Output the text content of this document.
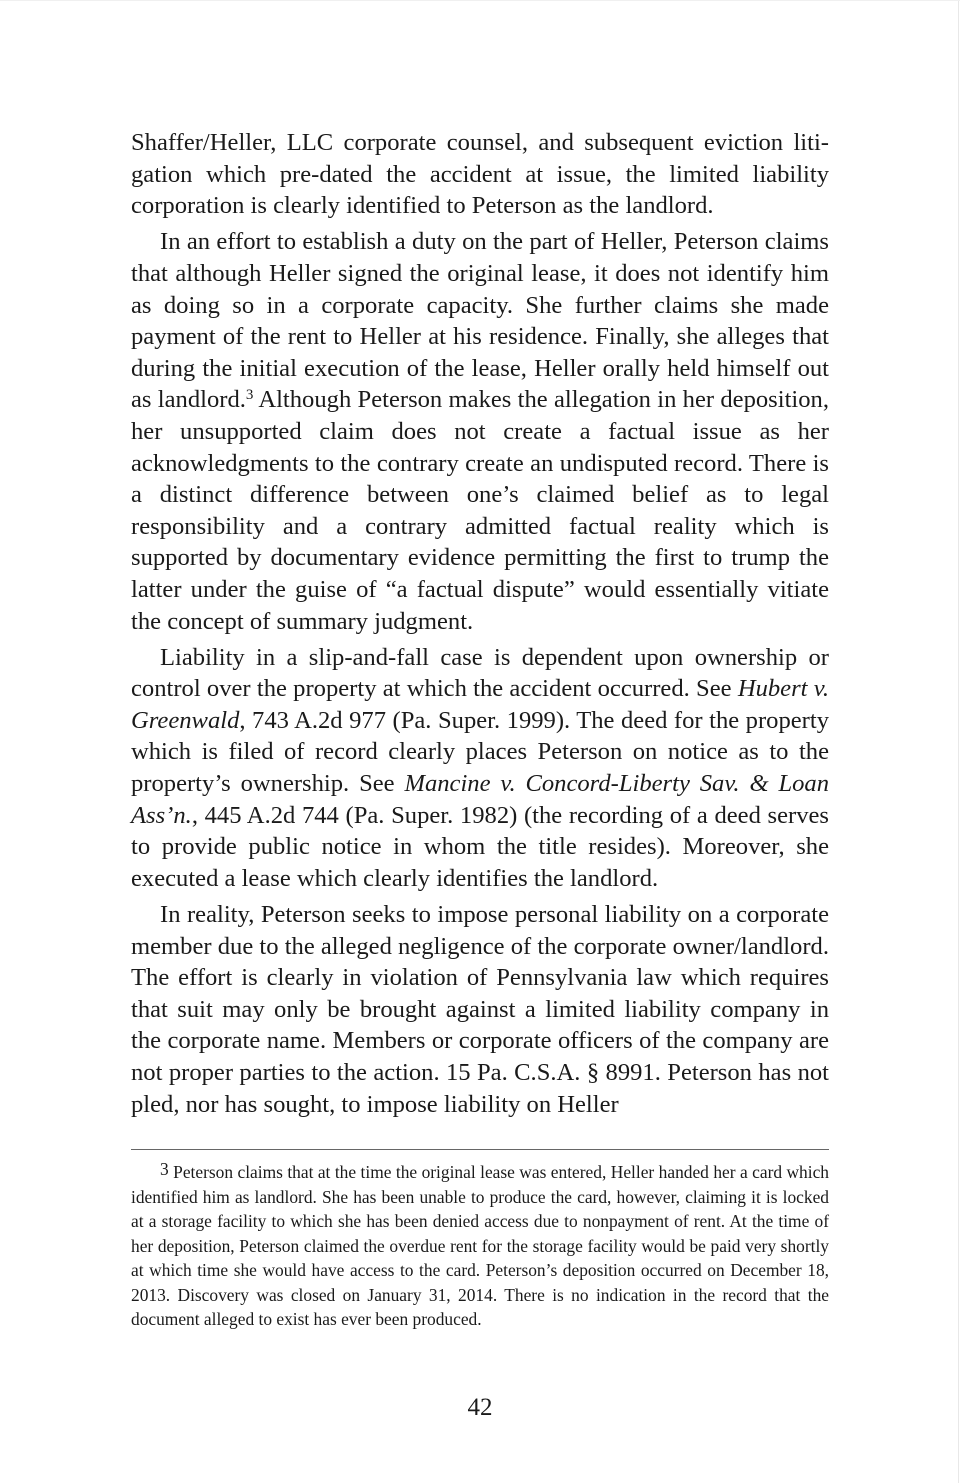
Shaffer/Heller, LLC corporate counsel, and subsequent eviction litigation which pre-dated the accident at issue, the limited liability corporation is clearly identified to Peterson as the landlord.

In an effort to establish a duty on the part of Heller, Peterson claims that although Heller signed the original lease, it does not identify him as doing so in a corporate capacity. She further claims she made payment of the rent to Heller at his residence. Finally, she alleges that during the initial execution of the lease, Heller orally held himself out as landlord.$^3$ Although Peterson makes the allegation in her deposition, her unsupported claim does not create a factual issue as her acknowledgments to the contrary create an undisputed record. There is a distinct difference between one’s claimed belief as to legal responsibility and a contrary admitted factual reality which is supported by documentary evidence permitting the first to trump the latter under the guise of “a factual dispute” would essentially vitiate the concept of summary judgment.

Liability in a slip-and-fall case is dependent upon ownership or control over the property at which the accident occurred. See Hubert v. Greenwald, 743 A.2d 977 (Pa. Super. 1999). The deed for the property which is filed of record clearly places Peterson on notice as to the property’s ownership. See Mancine v. Concord-Liberty Sav. & Loan Ass’n., 445 A.2d 744 (Pa. Super. 1982) (the recording of a deed serves to provide public notice in whom the title resides). Moreover, she executed a lease which clearly identifies the landlord.

In reality, Peterson seeks to impose personal liability on a corporate member due to the alleged negligence of the corporate owner/​landlord. The effort is clearly in violation of Pennsylvania law which requires that suit may only be brought against a limited liability company in the corporate name. Members or corporate officers of the company are not proper parties to the action. 15 Pa. C.S.A. § 8991. Peterson has not pled, nor has sought, to impose liability on Heller

3 Peterson claims that at the time the original lease was entered, Heller handed her a card which identified him as landlord. She has been unable to produce the card, however, claiming it is locked at a storage facility to which she has been denied access due to nonpayment of rent. At the time of her deposition, Peterson claimed the overdue rent for the storage facility would be paid very shortly at which time she would have access to the card. Peterson’s deposition occurred on December 18, 2013. Discovery was closed on January 31, 2014. There is no indication in the record that the document alleged to exist has ever been produced.

42
